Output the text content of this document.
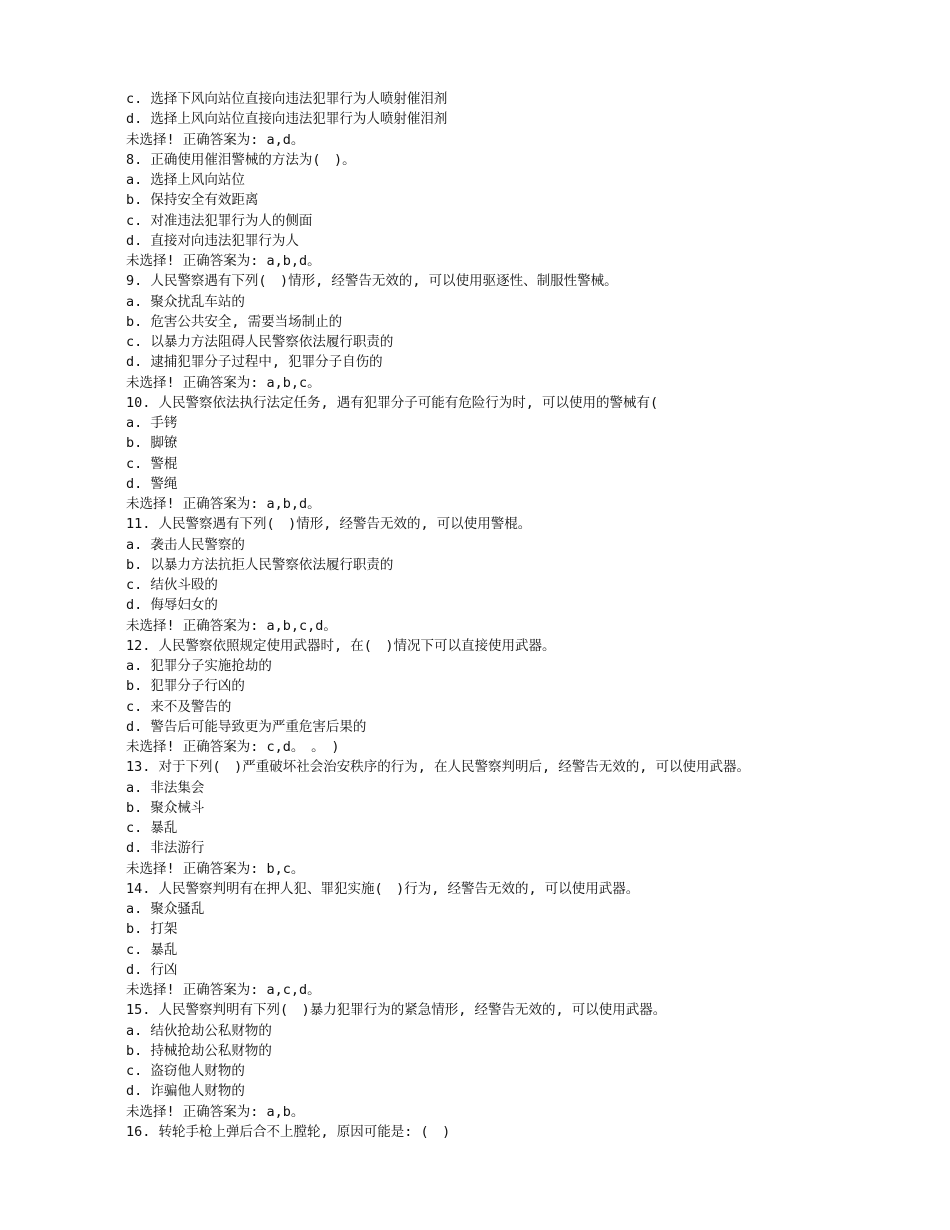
c. 选择下风向站位直接向违法犯罪行为人喷射催泪剂
d. 选择上风向站位直接向违法犯罪行为人喷射催泪剂
未选择! 正确答案为: a,d。
8. 正确使用催泪警械的方法为(　)。
a. 选择上风向站位
b. 保持安全有效距离
c. 对准违法犯罪行为人的侧面
d. 直接对向违法犯罪行为人
未选择! 正确答案为: a,b,d。
9. 人民警察遇有下列(　)情形, 经警告无效的, 可以使用驱逐性、制服性警械。
a. 聚众扰乱车站的
b. 危害公共安全, 需要当场制止的
c. 以暴力方法阻碍人民警察依法履行职责的
d. 逮捕犯罪分子过程中, 犯罪分子自伤的
未选择! 正确答案为: a,b,c。
10. 人民警察依法执行法定任务, 遇有犯罪分子可能有危险行为时, 可以使用的警械有(
a. 手铐
b. 脚镣
c. 警棍
d. 警绳
未选择! 正确答案为: a,b,d。
11. 人民警察遇有下列(　)情形, 经警告无效的, 可以使用警棍。
a. 袭击人民警察的
b. 以暴力方法抗拒人民警察依法履行职责的
c. 结伙斗殴的
d. 侮辱妇女的
未选择! 正确答案为: a,b,c,d。
12. 人民警察依照规定使用武器时, 在(　)情况下可以直接使用武器。
a. 犯罪分子实施抢劫的
b. 犯罪分子行凶的
c. 来不及警告的
d. 警告后可能导致更为严重危害后果的
未选择! 正确答案为: c,d。　。　)
13. 对于下列(　)严重破坏社会治安秩序的行为, 在人民警察判明后, 经警告无效的, 可以使用武器。
a. 非法集会
b. 聚众械斗
c. 暴乱
d. 非法游行
未选择! 正确答案为: b,c。
14. 人民警察判明有在押人犯、罪犯实施(　)行为, 经警告无效的, 可以使用武器。
a. 聚众骚乱
b. 打架
c. 暴乱
d. 行凶
未选择! 正确答案为: a,c,d。
15. 人民警察判明有下列(　)暴力犯罪行为的紧急情形, 经警告无效的, 可以使用武器。
a. 结伙抢劫公私财物的
b. 持械抢劫公私财物的
c. 盗窃他人财物的
d. 诈骗他人财物的
未选择! 正确答案为: a,b。
16. 转轮手枪上弹后合不上膛轮, 原因可能是: (　)
